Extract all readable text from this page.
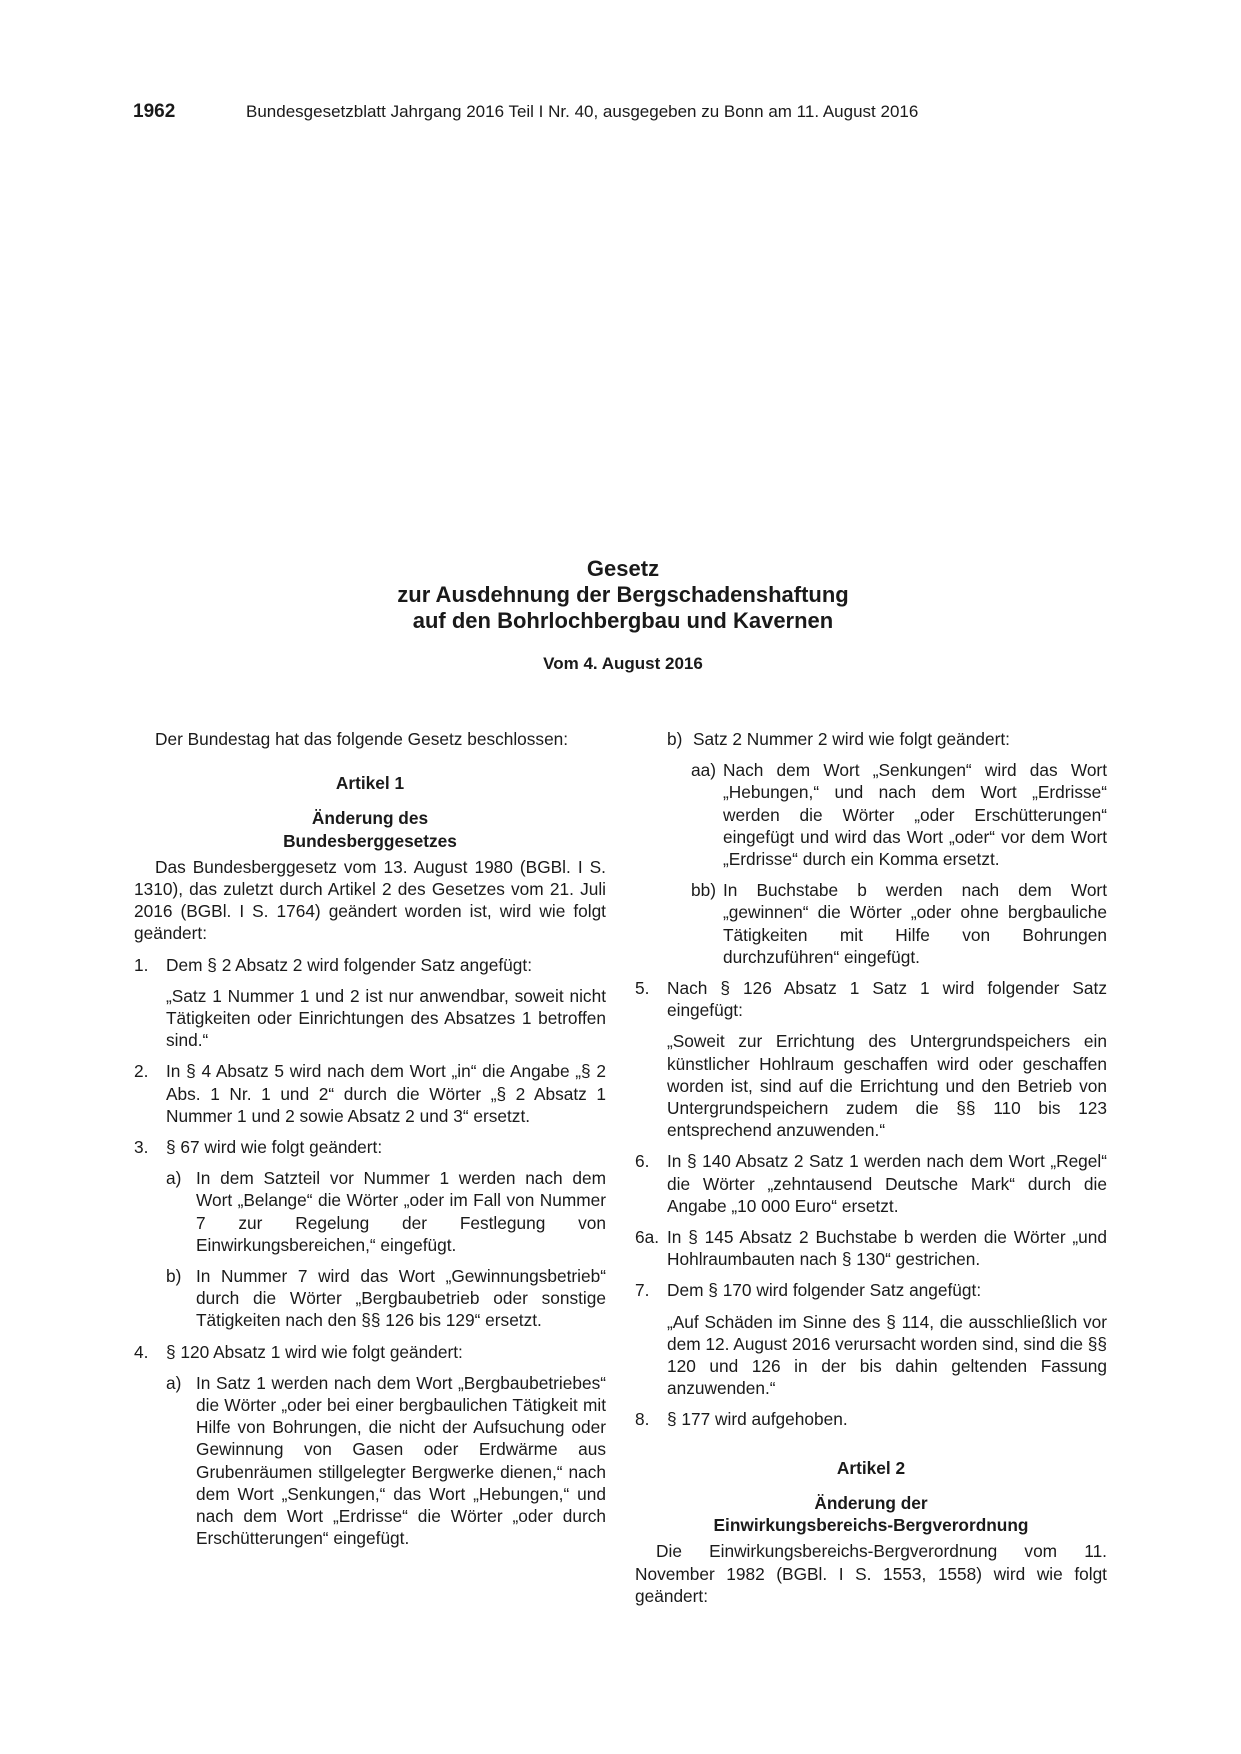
1962	Bundesgesetzblatt Jahrgang 2016 Teil I Nr. 40, ausgegeben zu Bonn am 11. August 2016

Gesetz

zur Ausdehnung der Bergschadenshaftung

auf den Bohrlochbergbau und Kavernen

Vom 4. August 2016

Der Bundestag hat das folgende Gesetz beschlossen:

Artikel 1

Änderung des

Bundesberggesetzes

Das Bundesberggesetz vom 13. August 1980 (BGBl. I S. 1310), das zuletzt durch Artikel 2 des Gesetzes vom 21. Juli 2016 (BGBl. I S. 1764) geändert worden ist, wird wie folgt geändert:

1. Dem § 2 Absatz 2 wird folgender Satz angefügt:

„Satz 1 Nummer 1 und 2 ist nur anwendbar, soweit nicht Tätigkeiten oder Einrichtungen des Absatzes 1 betroffen sind.“

2. In § 4 Absatz 5 wird nach dem Wort „in“ die Angabe „§ 2 Abs. 1 Nr. 1 und 2“ durch die Wörter „§ 2 Absatz 1 Nummer 1 und 2 sowie Absatz 2 und 3“ ersetzt.
3. § 67 wird wie folgt geändert:
a) In dem Satzteil vor Nummer 1 werden nach dem Wort „Belange“ die Wörter „oder im Fall von Nummer 7 zur Regelung der Festlegung von Einwirkungsbereichen,“ eingefügt.
b) In Nummer 7 wird das Wort „Gewinnungsbetrieb“ durch die Wörter „Bergbaubetrieb oder sonstige Tätigkeiten nach den §§ 126 bis 129“ ersetzt.
4. § 120 Absatz 1 wird wie folgt geändert:
a) In Satz 1 werden nach dem Wort „Bergbaubetriebes“ die Wörter „oder bei einer bergbaulichen Tätigkeit mit Hilfe von Bohrungen, die nicht der Aufsuchung oder Gewinnung von Gasen oder Erdwärme aus Grubenräumen stillgelegter Bergwerke dienen,“ nach dem Wort „Senkungen,“ das Wort „Hebungen,“ und nach dem Wort „Erdrisse“ die Wörter „oder durch Erschütterungen“ eingefügt.
b) Satz 2 Nummer 2 wird wie folgt geändert:
aa) Nach dem Wort „Senkungen“ wird das Wort „Hebungen,“ und nach dem Wort „Erdrisse“ werden die Wörter „oder Erschütterungen“ eingefügt und wird das Wort „oder“ vor dem Wort „Erdrisse“ durch ein Komma ersetzt.
bb) In Buchstabe b werden nach dem Wort „gewinnen“ die Wörter „oder ohne bergbauliche Tätigkeiten mit Hilfe von Bohrungen durchzuführen“ eingefügt.
5. Nach § 126 Absatz 1 Satz 1 wird folgender Satz eingefügt:

„Soweit zur Errichtung des Untergrundspeichers ein künstlicher Hohlraum geschaffen wird oder geschaffen worden ist, sind auf die Errichtung und den Betrieb von Untergrundspeichern zudem die §§ 110 bis 123 entsprechend anzuwenden.“

6. In § 140 Absatz 2 Satz 1 werden nach dem Wort „Regel“ die Wörter „zehntausend Deutsche Mark“ durch die Angabe „10 000 Euro“ ersetzt.
6a. In § 145 Absatz 2 Buchstabe b werden die Wörter „und Hohlraumbauten nach § 130“ gestrichen.
7. Dem § 170 wird folgender Satz angefügt:

„Auf Schäden im Sinne des § 114, die ausschließlich vor dem 12. August 2016 verursacht worden sind, sind die §§ 120 und 126 in der bis dahin geltenden Fassung anzuwenden.“

8. § 177 wird aufgehoben.

Artikel 2

Änderung der

Einwirkungsbereichs-Bergverordnung

Die Einwirkungsbereichs-Bergverordnung vom 11. November 1982 (BGBl. I S. 1553, 1558) wird wie folgt geändert:
